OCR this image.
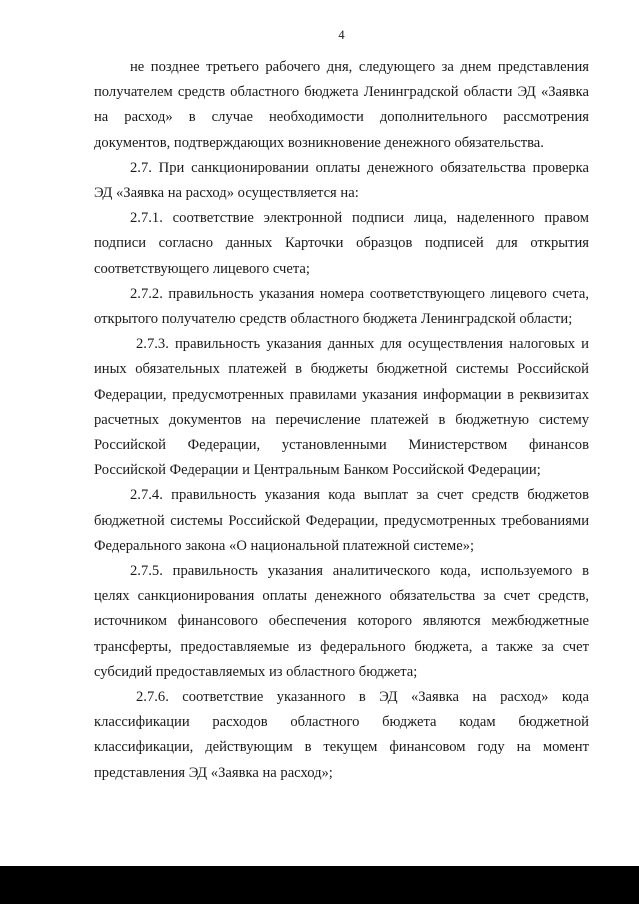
4

не позднее третьего рабочего дня, следующего за днем представления получателем средств областного бюджета Ленинградской области ЭД «Заявка на расход» в случае необходимости дополнительного рассмотрения документов, подтверждающих возникновение денежного обязательства.

2.7. При санкционировании оплаты денежного обязательства проверка ЭД «Заявка на расход» осуществляется на:

2.7.1. соответствие электронной подписи лица, наделенного правом подписи согласно данных Карточки образцов подписей для открытия соответствующего лицевого счета;

2.7.2. правильность указания номера соответствующего лицевого счета, открытого получателю средств областного бюджета Ленинградской области;

2.7.3. правильность указания данных для осуществления налоговых и иных обязательных платежей в бюджеты бюджетной системы Российской Федерации, предусмотренных правилами указания информации в реквизитах расчетных документов на перечисление платежей в бюджетную систему Российской Федерации, установленными Министерством финансов Российской Федерации и Центральным Банком Российской Федерации;

2.7.4. правильность указания кода выплат за счет средств бюджетов бюджетной системы Российской Федерации, предусмотренных требованиями Федерального закона «О национальной платежной системе»;

2.7.5. правильность указания аналитического кода, используемого в целях санкционирования оплаты денежного обязательства за счет средств, источником финансового обеспечения которого являются межбюджетные трансферты, предоставляемые из федерального бюджета, а также за счет субсидий предоставляемых из областного бюджета;

2.7.6. соответствие указанного в ЭД «Заявка на расход» кода классификации расходов областного бюджета кодам бюджетной классификации, действующим в текущем финансовом году на момент представления ЭД «Заявка на расход»;
